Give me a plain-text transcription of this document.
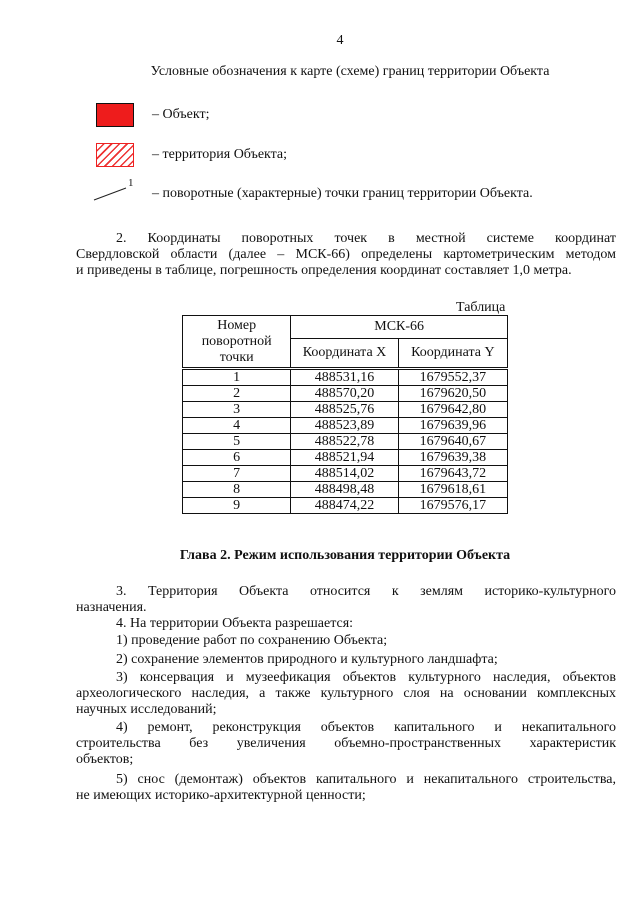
4
Условные обозначения к карте (схеме) границ территории Объекта
– Объект;
– территория Объекта;
1
– поворотные (характерные) точки границ территории Объекта.
2. Координаты поворотных точек в местной системе координат
Свердловской области (далее – МСК-66) определены картометрическим методом
и приведены в таблице, погрешность определения координат составляет 1,0 метра.
Таблица
Номер
поворотной
точки	МСК-66	
	Координата X	Координата Y
1	488531,16	1679552,37
2	488570,20	1679620,50
3	488525,76	1679642,80
4	488523,89	1679639,96
5	488522,78	1679640,67
6	488521,94	1679639,38
7	488514,02	1679643,72
8	488498,48	1679618,61
9	488474,22	1679576,17
Глава 2. Режим использования территории Объекта
3. Территория Объекта относится к землям историко-культурного
назначения.
4. На территории Объекта разрешается:
1) проведение работ по сохранению Объекта;
2) сохранение элементов природного и культурного ландшафта;
3) консервация и музеефикация объектов культурного наследия, объектов
археологического наследия, а также культурного слоя на основании комплексных
научных исследований;
4) ремонт, реконструкция объектов капитального и некапитального
строительства без увеличения объемно-пространственных характеристик
объектов;
5) снос (демонтаж) объектов капитального и некапитального строительства,
не имеющих историко-архитектурной ценности;
